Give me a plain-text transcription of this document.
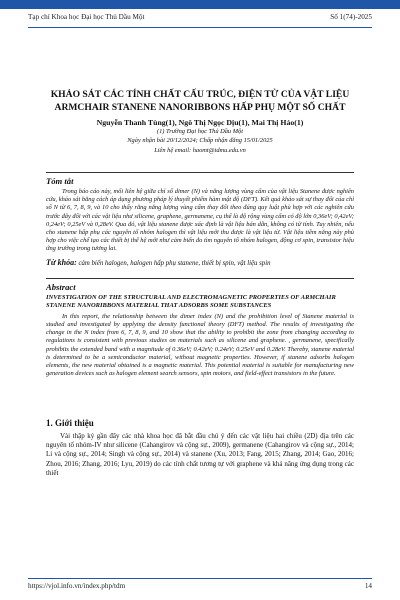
Tạp chí Khoa học Đại học Thủ Dầu Một	Số 1(74)-2025
KHẢO SÁT CÁC TÍNH CHẤT CẤU TRÚC, ĐIỆN TỬ CỦA VẬT LIỆU
ARMCHAIR STANENE NANORIBBONS HẤP PHỤ MỘT SỐ CHẤT
Nguyễn Thanh Tùng(1), Ngô Thị Ngọc Dịu(1), Mai Thị Hảo(1)
(1) Trường Đại học Thủ Dầu Một
Ngày nhận bài 20/12/2024; Chấp nhận đăng 15/01/2025
Liên hệ email: haomt@tdmu.edu.vn
Tóm tắt

Trong báo cáo này, mối liên hệ giữa chỉ số dimer (N) và năng lượng vùng cấm của vật liệu Stanene được nghiên cứu, khảo sát bằng cách áp dụng phương pháp lý thuyết phiếm hàm mật độ (DFT). Kết quả khảo sát sự thay đổi của chỉ số N từ 6, 7, 8, 9, và 10 cho thấy rằng năng lượng vùng cấm thay đổi theo đúng quy luật phù hợp với các nghiên cứu trước đây đối với các vật liệu như silicene, graphene, germanene, cụ thể là độ rộng vùng cấm có độ lớn 0,36eV; 0,42eV; 0,24eV; 0,25eV và 0,28eV. Qua đó, vật liệu stanene được xác định là vật liệu bán dẫn, không có từ tính. Tuy nhiên, nếu cho stanene hấp phụ các nguyên tố nhóm halogen thì vật liệu mới thu được là vật liệu từ. Vật liệu tiềm năng này phù hợp cho việc chế tạo các thiết bị thế hệ mới như cảm biến đo tìm nguyên tố nhóm halogen, động cơ spin, transistor hiệu ứng trường trong tương lai.

Từ khóa: cảm biến halogen, halogen hấp phụ stanene, thiết bị spin, vật liệu spin
Abstract
INVESTIGATION OF THE STRUCTURAL AND ELECTROMAGNETIC PROPERTIES OF ARMCHAIR STANENE NANORIBBONS MATERIAL THAT ADSORBS SOME SUBSTANCES

In this report, the relationship between the dimer index (N) and the prohibition level of Stanene material is studied and investigated by applying the density functional theory (DFT) method. The results of investigating the change in the N index from 6, 7, 8, 9, and 10 show that the ability to prohibit the zone from changing according to regulations is consistent with previous studies on materials such as silicene and graphene. , germanene, specifically prohibits the extended band with a magnitude of 0.36eV; 0.42eV; 0.24eV; 0.25eV and 0.28eV. Thereby, stanene material is determined to be a semiconductor material, without magnetic properties. However, if stanene adsorbs halogen elements, the new material obtained is a magnetic material. This potential material is suitable for manufacturing new generation devices such as halogen element search sensors, spin motors, and field-effect transistors in the future.

1. Giới thiệu

Vài thập kỷ gần đây các nhà khoa học đã bắt đầu chú ý đến các vật liệu hai chiều (2D) địa trên các nguyên tố nhóm-IV như silicene (Cahangirov và cộng sự., 2009), germanene (Cahangirov và cộng sự., 2014; Li và cộng sự., 2014; Singh và cộng sự., 2014) và stanene (Xu, 2013; Fang, 2015; Zhang, 2014; Gao, 2016; Zhou, 2016; Zhang, 2016; Lyu, 2019) do các tính chất tương tự với graphene và khả năng ứng dụng trong các thiết

https://vjol.info.vn/index.php/tdm	14
